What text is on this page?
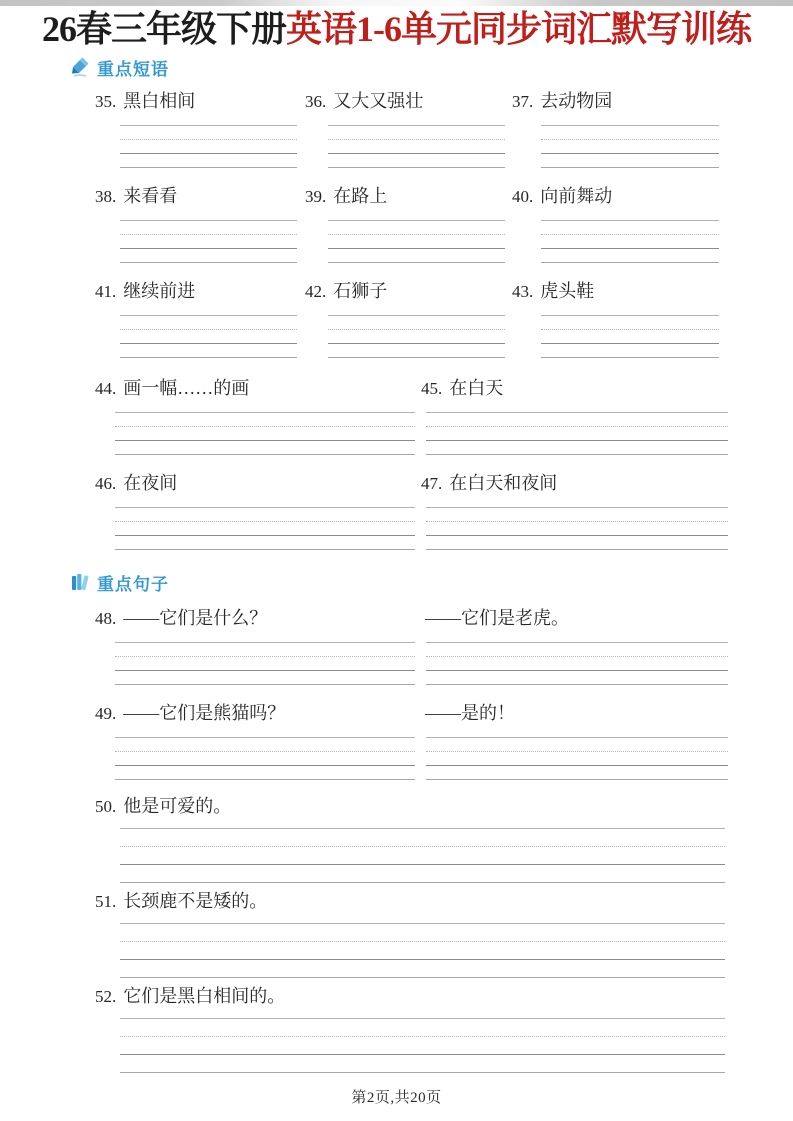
26春三年级下册英语1-6单元同步词汇默写训练
重点短语
35. 黑白相间	36. 又大又强壮	37. 去动物园
38. 来看看	39. 在路上	40. 向前舞动
41. 继续前进	42. 石狮子	43. 虎头鞋
44. 画一幅……的画	45. 在白天
46. 在夜间	47. 在白天和夜间
重点句子
48. ——它们是什么？	——它们是老虎。
49. ——它们是熊猫吗？	——是的！
50. 他是可爱的。
51. 长颈鹿不是矮的。
52. 它们是黑白相间的。
第2页,共20页
